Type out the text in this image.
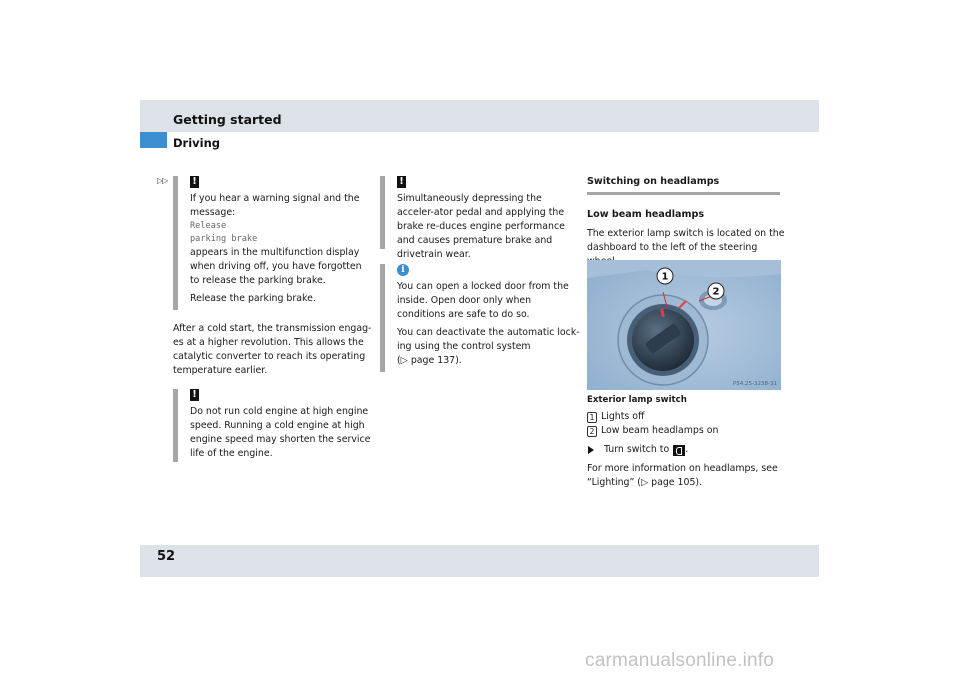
Getting started
Driving
▷▷ !
If you hear a warning signal and the message:
Release
parking brake
appears in the multifunction display when driving off, you have forgotten to release the parking brake.
Release the parking brake.
After a cold start, the transmission engag-es at a higher revolution. This allows the catalytic converter to reach its operating temperature earlier.
!
Do not run cold engine at high engine speed. Running a cold engine at high engine speed may shorten the service life of the engine.
!
Simultaneously depressing the acceler-ator pedal and applying the brake re-duces engine performance and causes premature brake and drivetrain wear.
i
You can open a locked door from the inside. Open door only when conditions are safe to do so.
You can deactivate the automatic lock-ing using the control system
(▷ page 137).
Switching on headlamps
Low beam headlamps
The exterior lamp switch is located on the dashboard to the left of the steering
1
2
P54.25-3238-31
Exterior lamp switch
1 Lights off
2 Low beam headlamps on
Turn switch to .
For more information on headlamps, see “Lighting” (▷ page 105).
52
carmanualsonline.info
